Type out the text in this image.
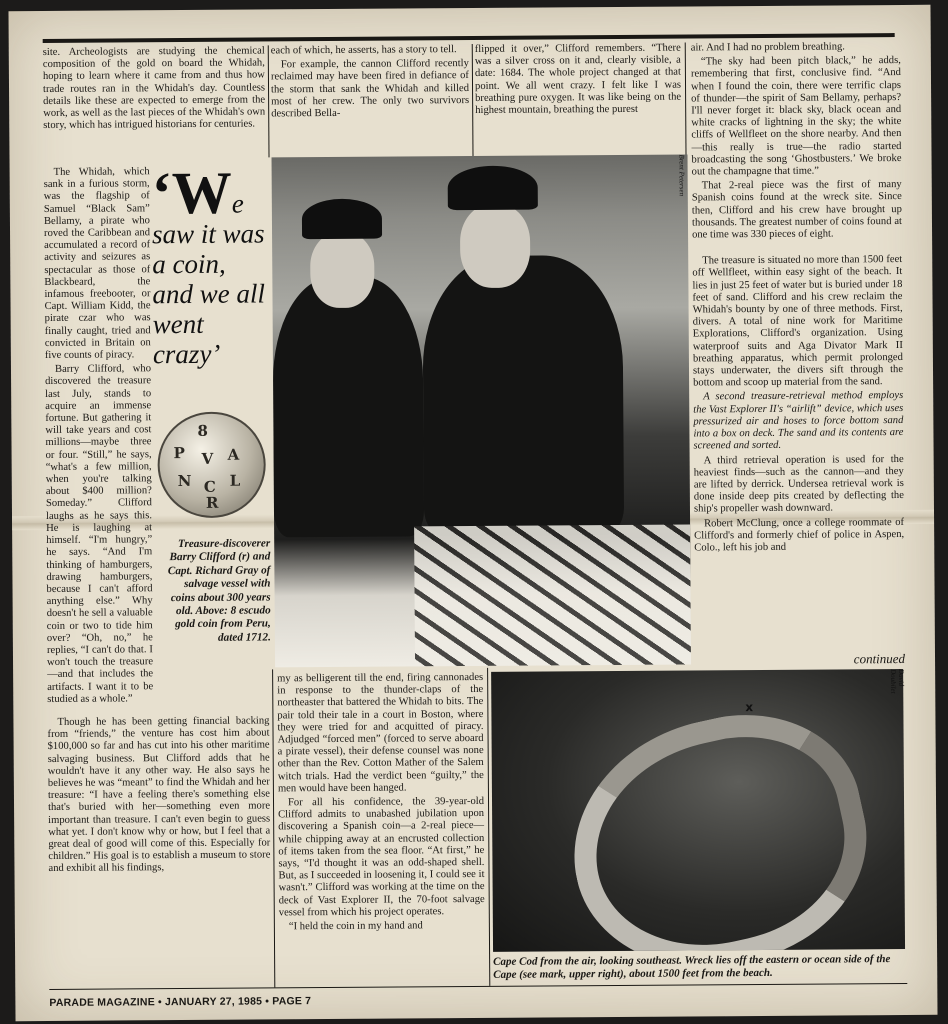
site. Archeologists are studying the chemical composition of the gold on board the Whidah, hoping to learn where it came from and thus how trade routes ran in the Whidah's day. Countless details like these are expected to emerge from the work, as well as the last pieces of the Whidah's own story, which has intrigued historians for centuries.

The Whidah, which sank in a furious storm, was the flagship of Samuel “Black Sam” Bellamy, a pirate who roved the Caribbean and accumulated a record of activity and seizures as spectacular as those of Blackbeard, the infamous freebooter, or Capt. William Kidd, the pirate czar who was finally caught, tried and convicted in Britain on five counts of piracy.

Barry Clifford, who discovered the treasure last July, stands to acquire an immense fortune. But gathering it will take years and cost millions—maybe three or four. “Still,” he says, “what's a few million, when you're talking about $400 million? Someday.” Clifford laughs as he says this. He is laughing at himself. “I'm hungry,” he says. “And I'm thinking of hamburgers, drawing hamburgers, because I can't afford anything else.” Why doesn't he sell a valuable coin or two to tide him over? “Oh, no,” he replies, “I can't do that. I won't touch the treasure—and that includes the artifacts. I want it to be studied as a whole.”

Though he has been getting financial backing from “friends,” the venture has cost him about $100,000 so far and has cut into his other maritime salvaging business. But Clifford adds that he wouldn't have it any other way. He also says he believes he was “meant” to find the Whidah and her treasure: “I have a feeling there's something else that's buried with her—something even more important than treasure. I can't even begin to guess what yet. I don't know why or how, but I feel that a great deal of good will come of this. Especially for children.” His goal is to establish a museum to store and exhibit all his findings,

‘We saw it was a coin, and we all went crazy’
8
P V A
N C L
R
Treasure-discoverer Barry Clifford (r) and Capt. Richard Gray of salvage vessel with coins about 300 years old. Above: 8 escudo gold coin from Peru, dated 1712.

each of which, he asserts, has a story to tell.

For example, the cannon Clifford recently reclaimed may have been fired in defiance of the storm that sank the Whidah and killed most of her crew. The only two survivors described Bella-

flipped it over,” Clifford remembers. “There was a silver cross on it and, clearly visible, a date: 1684. The whole project changed at that point. We all went crazy. I felt like I was breathing pure oxygen. It was like being on the highest mountain, breathing the purest

Brent Petersen

air. And I had no problem breathing.

“The sky had been pitch black,” he adds, remembering that first, conclusive find. “And when I found the coin, there were terrific claps of thunder—the spirit of Sam Bellamy, perhaps? I'll never forget it: black sky, black ocean and white cracks of lightning in the sky; the white cliffs of Wellfleet on the shore nearby. And then—this really is true—the radio started broadcasting the song ‘Ghostbusters.’ We broke out the champagne that time.”

That 2-real piece was the first of many Spanish coins found at the wreck site. Since then, Clifford and his crew have brought up thousands. The greatest number of coins found at one time was 330 pieces of eight.

The treasure is situated no more than 1500 feet off Wellfleet, within easy sight of the beach. It lies in just 25 feet of water but is buried under 18 feet of sand. Clifford and his crew reclaim the Whidah's bounty by one of three methods. First, divers. A total of nine work for Maritime Explorations, Clifford's organization. Using waterproof suits and Aga Divator Mark II breathing apparatus, which permit prolonged stays underwater, the divers sift through the bottom and scoop up material from the sand.

A second treasure-retrieval method employs the Vast Explorer II's “airlift” device, which uses pressurized air and hoses to force bottom sand into a box on deck. The sand and its contents are screened and sorted.

A third retrieval operation is used for the heaviest finds—such as the cannon—and they are lifted by derrick. Undersea retrieval work is done inside deep pits created by deflecting the ship's propeller wash downward.

Robert McClung, once a college roommate of Clifford's and formerly chief of police in Aspen, Colo., left his job and

continued

my as belligerent till the end, firing cannonades in response to the thunder-claps of the northeaster that battered the Whidah to bits. The pair told their tale in a court in Boston, where they were tried for and acquitted of piracy. Adjudged “forced men” (forced to serve aboard a pirate vessel), their defense counsel was none other than the Rev. Cotton Mather of the Salem witch trials. Had the verdict been “guilty,” the men would have been hanged.

For all his confidence, the 39-year-old Clifford admits to unabashed jubilation upon discovering a Spanish coin—a 2-real piece—while chipping away at an encrusted collection of items taken from the sea floor. “At first,” he says, “I'd thought it was an odd-shaped shell. But, as I succeeded in loosening it, I could see it wasn't.” Clifford was working at the time on the deck of Vast Explorer II, the 70-foot salvage vessel from which his project operates.

“I held the coin in my hand and

x
David Doubilet
Cape Cod from the air, looking southeast. Wreck lies off the eastern or ocean side of the Cape (see mark, upper right), about 1500 feet from the beach.
PARADE MAGAZINE • JANUARY 27, 1985 • PAGE 7
